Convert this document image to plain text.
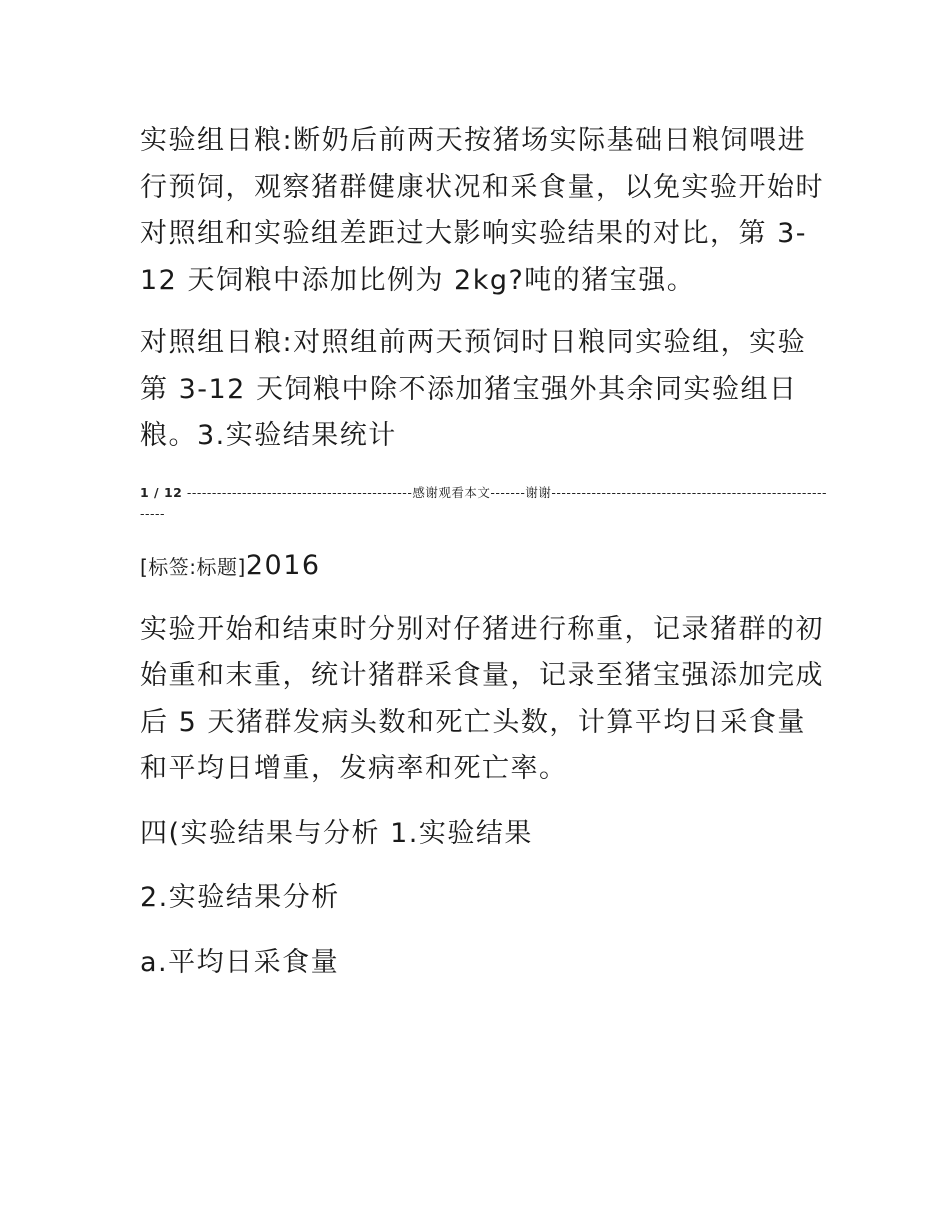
实验组日粮:断奶后前两天按猪场实际基础日粮饲喂进行预饲，观察猪群健康状况和采食量，以免实验开始时对照组和实验组差距过大影响实验结果的对比，第 3-12 天饲粮中添加比例为 2kg?吨的猪宝强。

对照组日粮:对照组前两天预饲时日粮同实验组，实验第 3-12 天饲粮中除不添加猪宝强外其余同实验组日粮。3.实验结果统计

1 / 12 ---------------------------------------------感谢观看本文-------谢谢------------------------------------------------------------
[标签:标题]2016

实验开始和结束时分别对仔猪进行称重，记录猪群的初始重和末重，统计猪群采食量，记录至猪宝强添加完成后 5 天猪群发病头数和死亡头数，计算平均日采食量和平均日增重，发病率和死亡率。

四(实验结果与分析 1.实验结果

2.实验结果分析

a.平均日采食量
